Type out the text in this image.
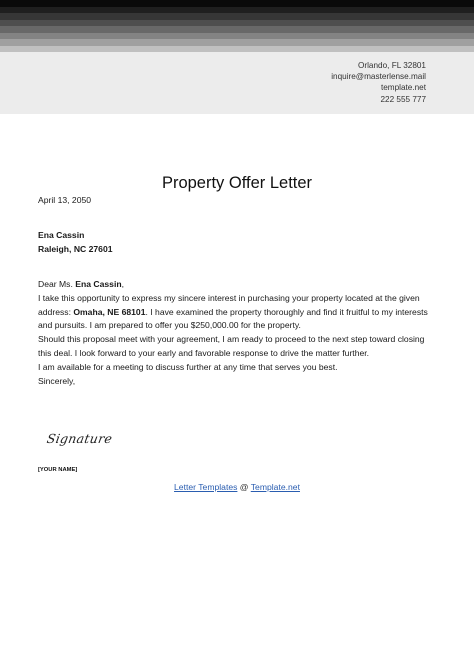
Orlando, FL 32801
inquire@masterlense.mail
template.net
222 555 777
Property Offer Letter
April 13, 2050
Ena Cassin
Raleigh, NC 27601

Dear Ms. Ena Cassin,

I take this opportunity to express my sincere interest in purchasing your property located at the given address: Omaha, NE 68101. I have examined the property thoroughly and find it fruitful to my interests and pursuits. I am prepared to offer you $250,000.00 for the property.

Should this proposal meet with your agreement, I am ready to proceed to the next step toward closing this deal. I look forward to your early and favorable response to drive the matter further.

I am available for a meeting to discuss further at any time that serves you best.

Sincerely,

Signature
[YOUR NAME]
Letter Templates @ Template.net
